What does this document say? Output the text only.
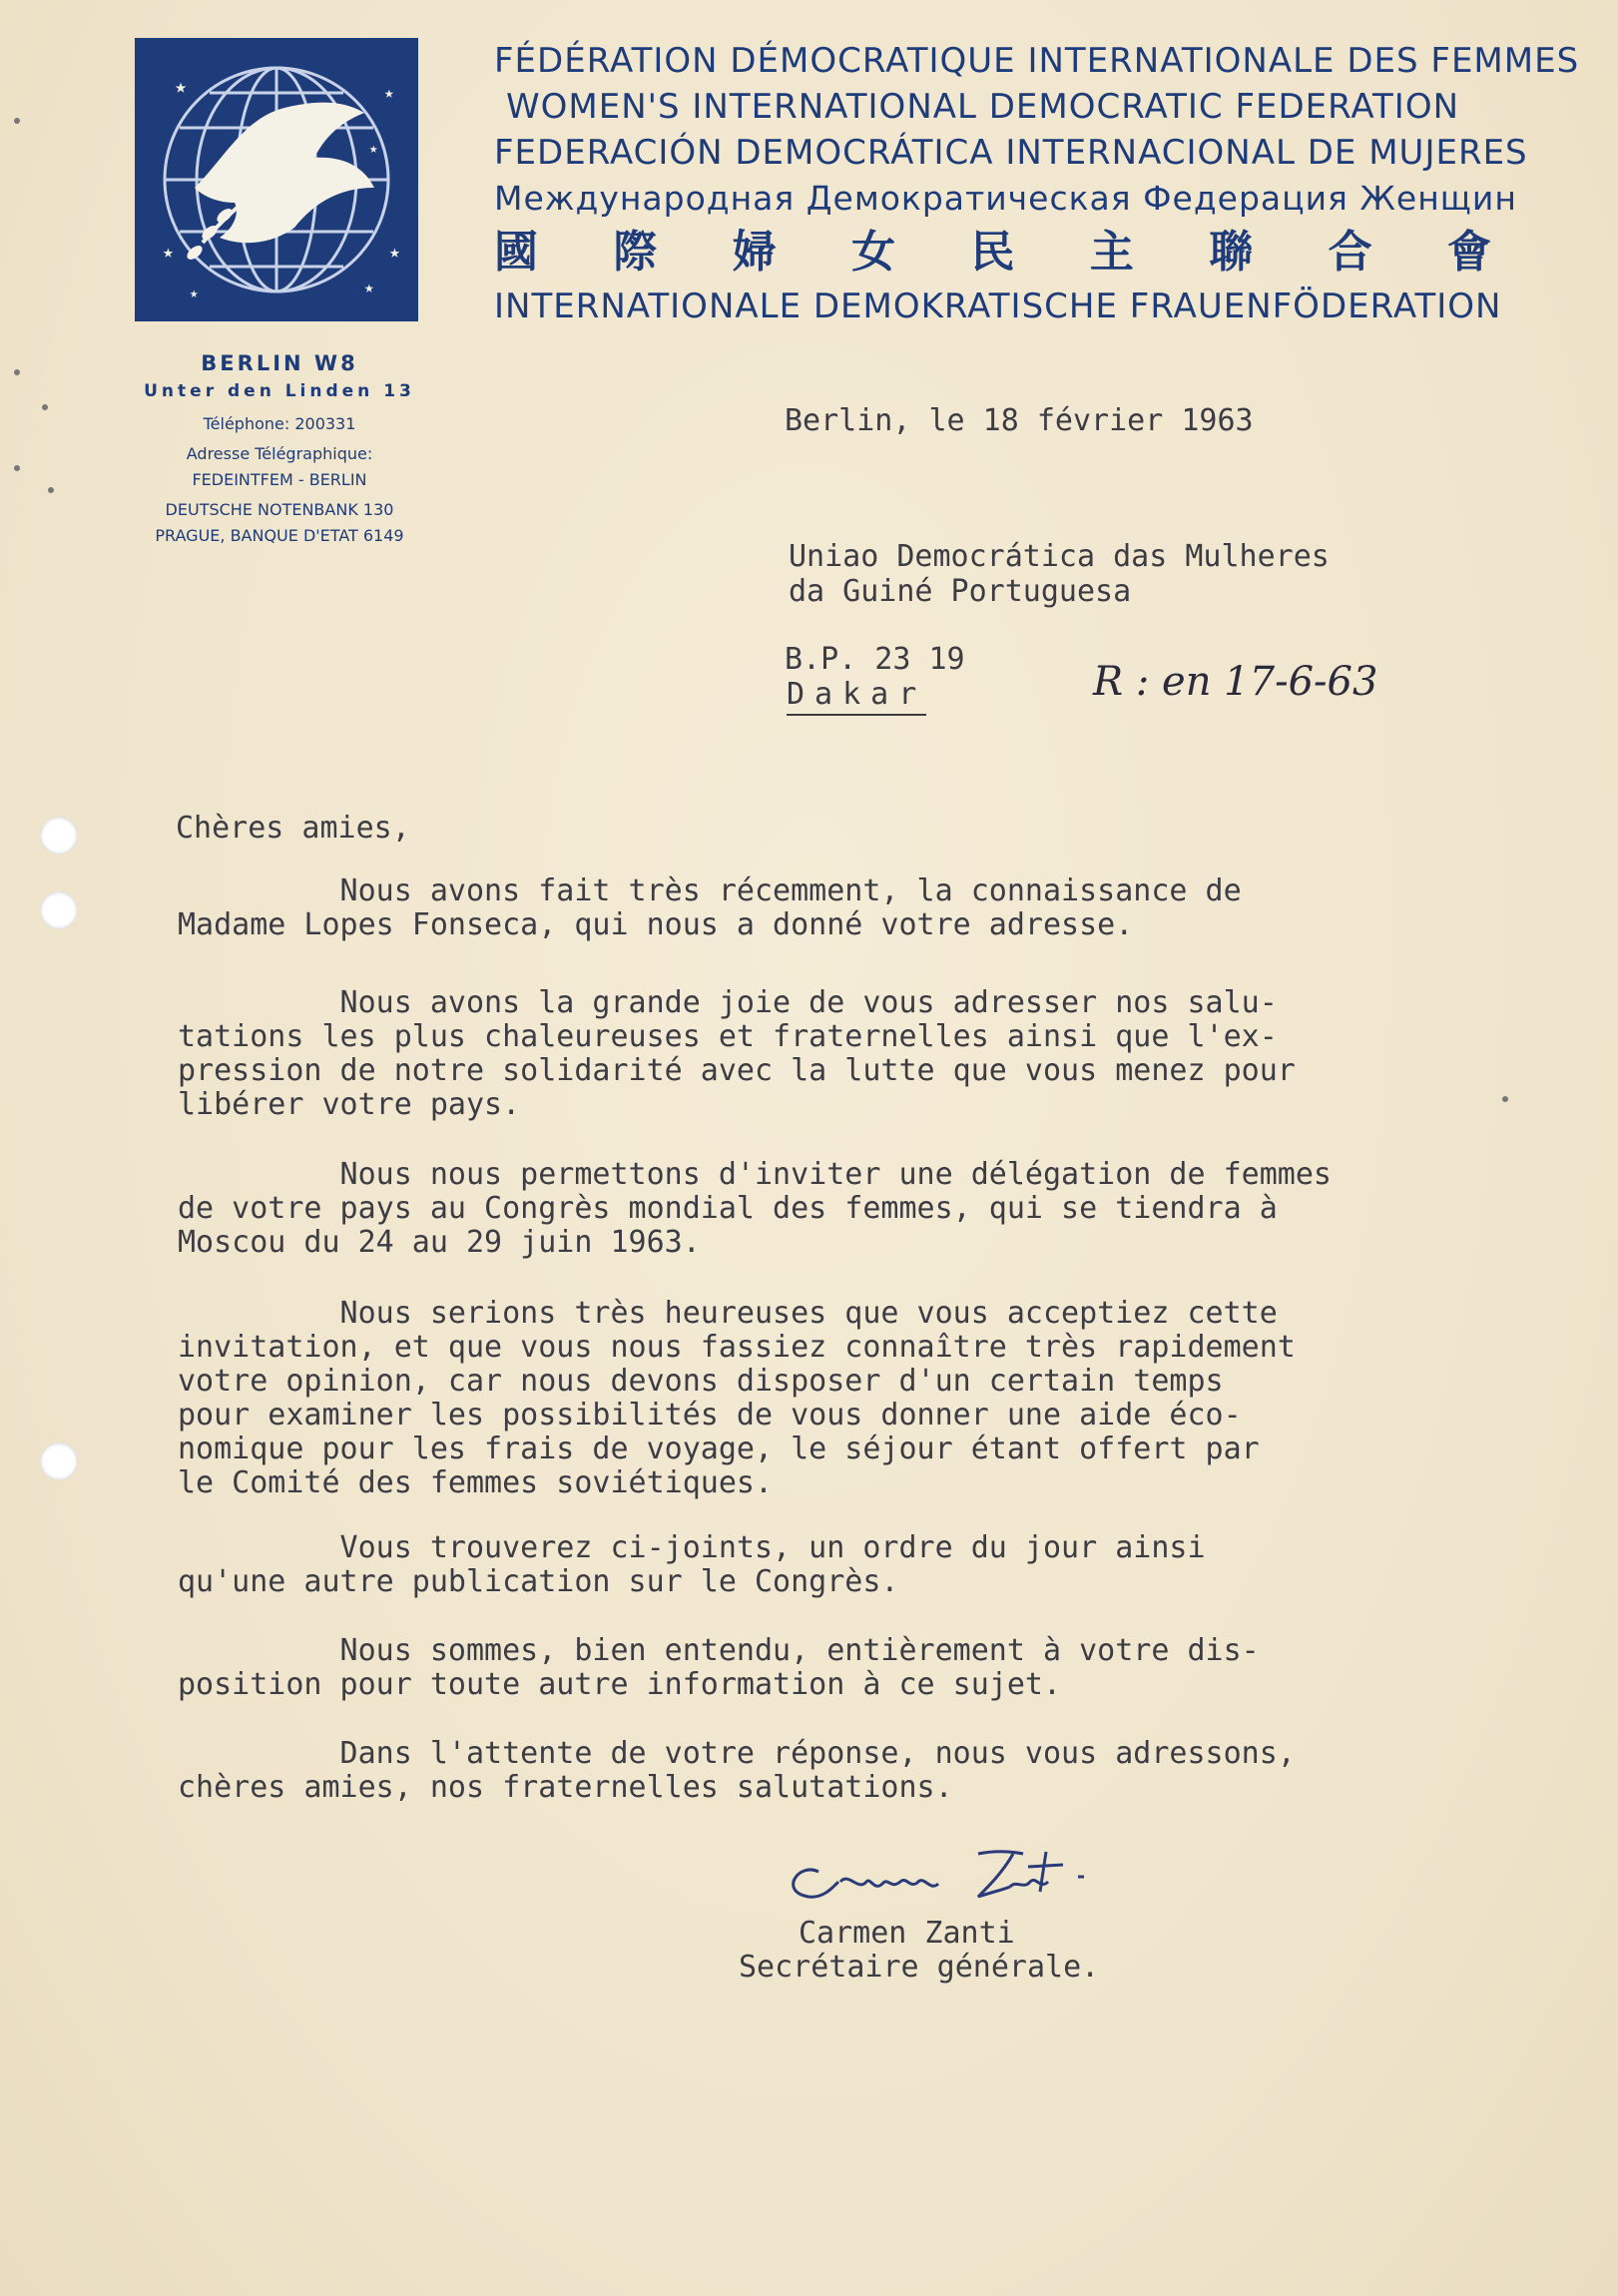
★
★
★
★
★
★
★
FÉDÉRATION DÉMOCRATIQUE INTERNATIONALE DES FEMMES
WOMEN'S INTERNATIONAL DEMOCRATIC FEDERATION
FEDERACIÓN DEMOCRÁTICA INTERNACIONAL DE MUJERES
Международная Демократическая Федерация Женщин
國 際 婦 女 民 主 聯 合 會
INTERNATIONALE DEMOKRATISCHE FRAUENFÖDERATION
BERLIN W8
Unter den Linden 13
Téléphone: 200331
Adresse Télégraphique:
FEDEINTFEM - BERLIN
DEUTSCHE NOTENBANK 130
PRAGUE, BANQUE D'ETAT 6149
Berlin, le 18 février 1963
Uniao Democrática das Mulheres
da Guiné Portuguesa
B.P. 23 19
Dakar	R : en 17-6-63
Chères amies,
Nous avons fait très récemment, la connaissance de
Madame Lopes Fonseca, qui nous a donné votre adresse.
Nous avons la grande joie de vous adresser nos salu-
tations les plus chaleureuses et fraternelles ainsi que l'ex-
pression de notre solidarité avec la lutte que vous menez pour
libérer votre pays.
Nous nous permettons d'inviter une délégation de femmes
de votre pays au Congrès mondial des femmes, qui se tiendra à
Moscou du 24 au 29 juin 1963.
Nous serions très heureuses que vous acceptiez cette
invitation, et que vous nous fassiez connaître très rapidement
votre opinion, car nous devons disposer d'un certain temps
pour examiner les possibilités de vous donner une aide éco-
nomique pour les frais de voyage, le séjour étant offert par
le Comité des femmes soviétiques.
Vous trouverez ci-joints, un ordre du jour ainsi
qu'une autre publication sur le Congrès.
Nous sommes, bien entendu, entièrement à votre dis-
position pour toute autre information à ce sujet.
Dans l'attente de votre réponse, nous vous adressons,
chères amies, nos fraternelles salutations.
Carmen Zanti
Secrétaire générale.
